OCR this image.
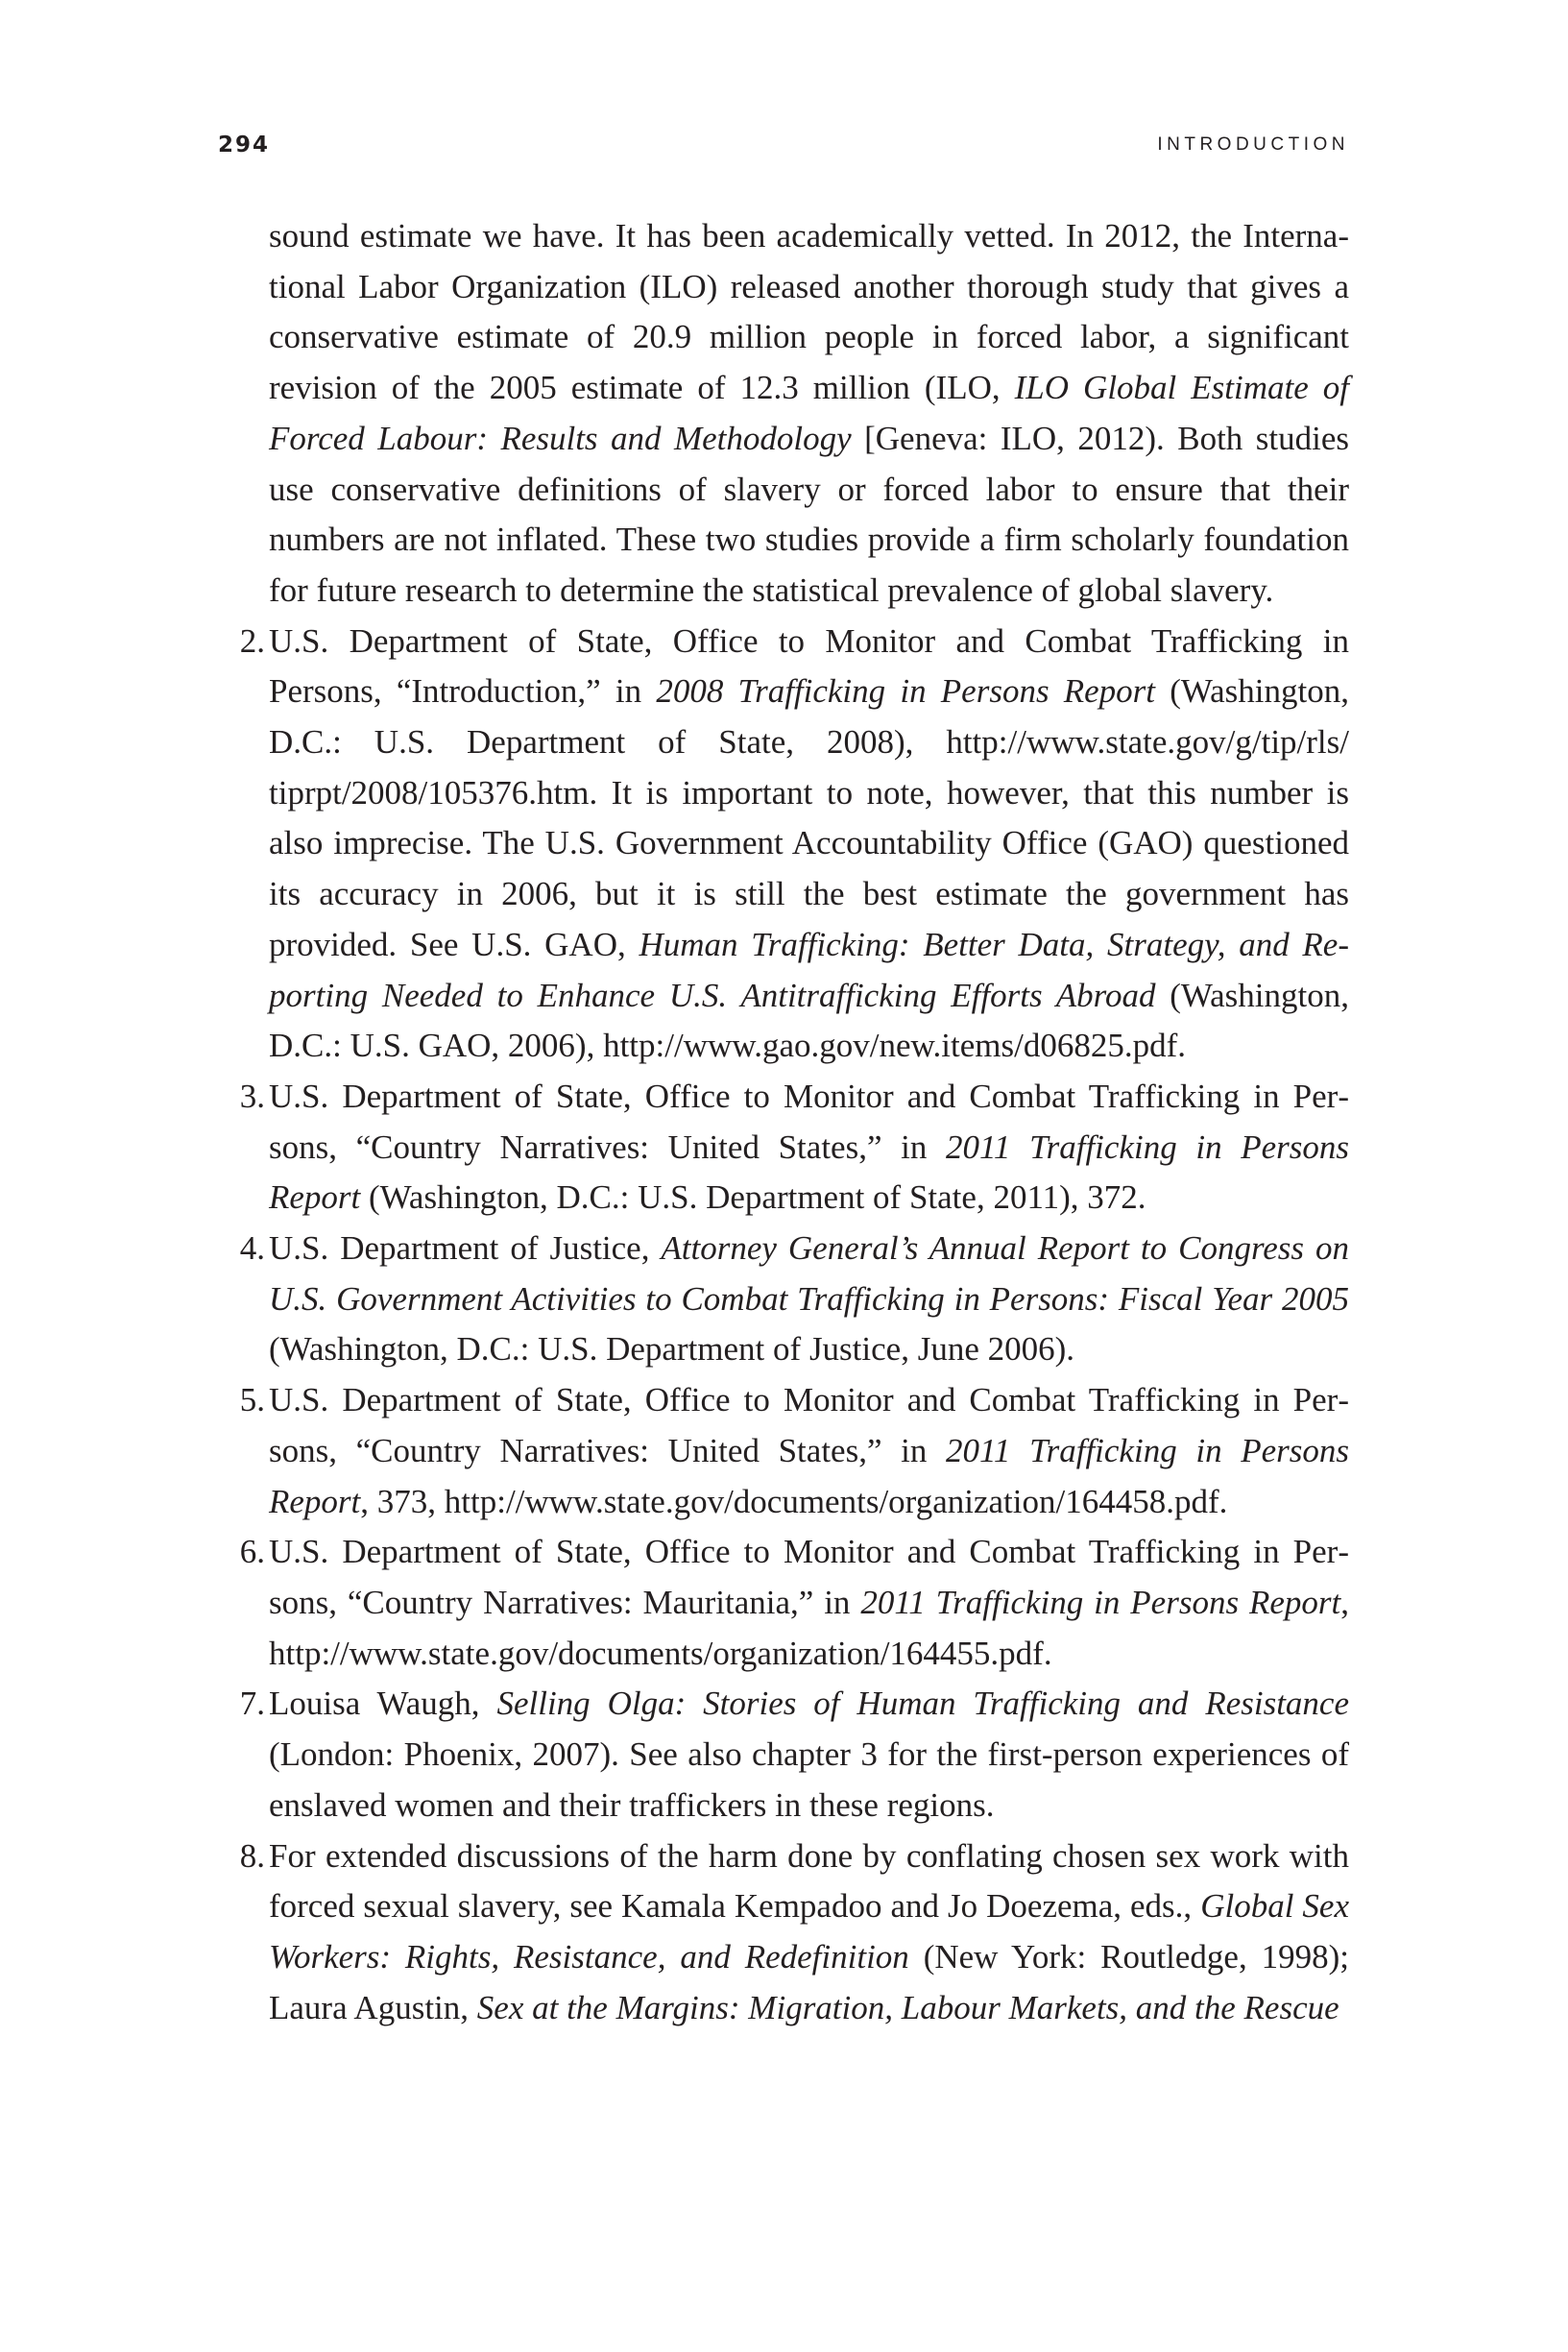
294	INTRODUCTION

sound estimate we have. It has been academically vetted. In 2012, the International Labor Organization (ILO) released another thorough study that gives a conservative estimate of 20.9 million people in forced labor, a significant revision of the 2005 estimate of 12.3 million (ILO, ILO Global Estimate of Forced Labour: Results and Methodology [Geneva: ILO, 2012). Both studies use conservative definitions of slavery or forced labor to ensure that their numbers are not inflated. These two studies provide a firm scholarly foundation for future research to determine the statistical prevalence of global slavery.

2. U.S. Department of State, Office to Monitor and Combat Trafficking in Persons, “Introduction,” in 2008 Trafficking in Persons Report (Washington, D.C.: U.S. Department of State, 2008), http://www.state.gov/g/tip/rls/ tiprpt/2008/105376.htm. It is important to note, however, that this number is also imprecise. The U.S. Government Accountability Office (GAO) questioned its accuracy in 2006, but it is still the best estimate the government has provided. See U.S. GAO, Human Trafficking: Better Data, Strategy, and Reporting Needed to Enhance U.S. Antitrafficking Efforts Abroad (Washington, D.C.: U.S. GAO, 2006), http://www.gao.gov/new.items/d06825.pdf.
3. U.S. Department of State, Office to Monitor and Combat Trafficking in Persons, “Country Narratives: United States,” in 2011 Trafficking in Persons Report (Washington, D.C.: U.S. Department of State, 2011), 372.
4. U.S. Department of Justice, Attorney General’s Annual Report to Congress on U.S. Government Activities to Combat Trafficking in Persons: Fiscal Year 2005 (Washington, D.C.: U.S. Department of Justice, June 2006).
5. U.S. Department of State, Office to Monitor and Combat Trafficking in Persons, “Country Narratives: United States,” in 2011 Trafficking in Persons Report, 373, http://www.state.gov/documents/organization/164458.pdf.
6. U.S. Department of State, Office to Monitor and Combat Trafficking in Persons, “Country Narratives: Mauritania,” in 2011 Trafficking in Persons Report, http://www.state.gov/documents/organization/164455.pdf.
7. Louisa Waugh, Selling Olga: Stories of Human Trafficking and Resistance (London: Phoenix, 2007). See also chapter 3 for the first-person experiences of enslaved women and their traffickers in these regions.
8. For extended discussions of the harm done by conflating chosen sex work with forced sexual slavery, see Kamala Kempadoo and Jo Doezema, eds., Global Sex Workers: Rights, Resistance, and Redefinition (New York: Routledge, 1998); Laura Agustin, Sex at the Margins: Migration, Labour Markets, and the Rescue
